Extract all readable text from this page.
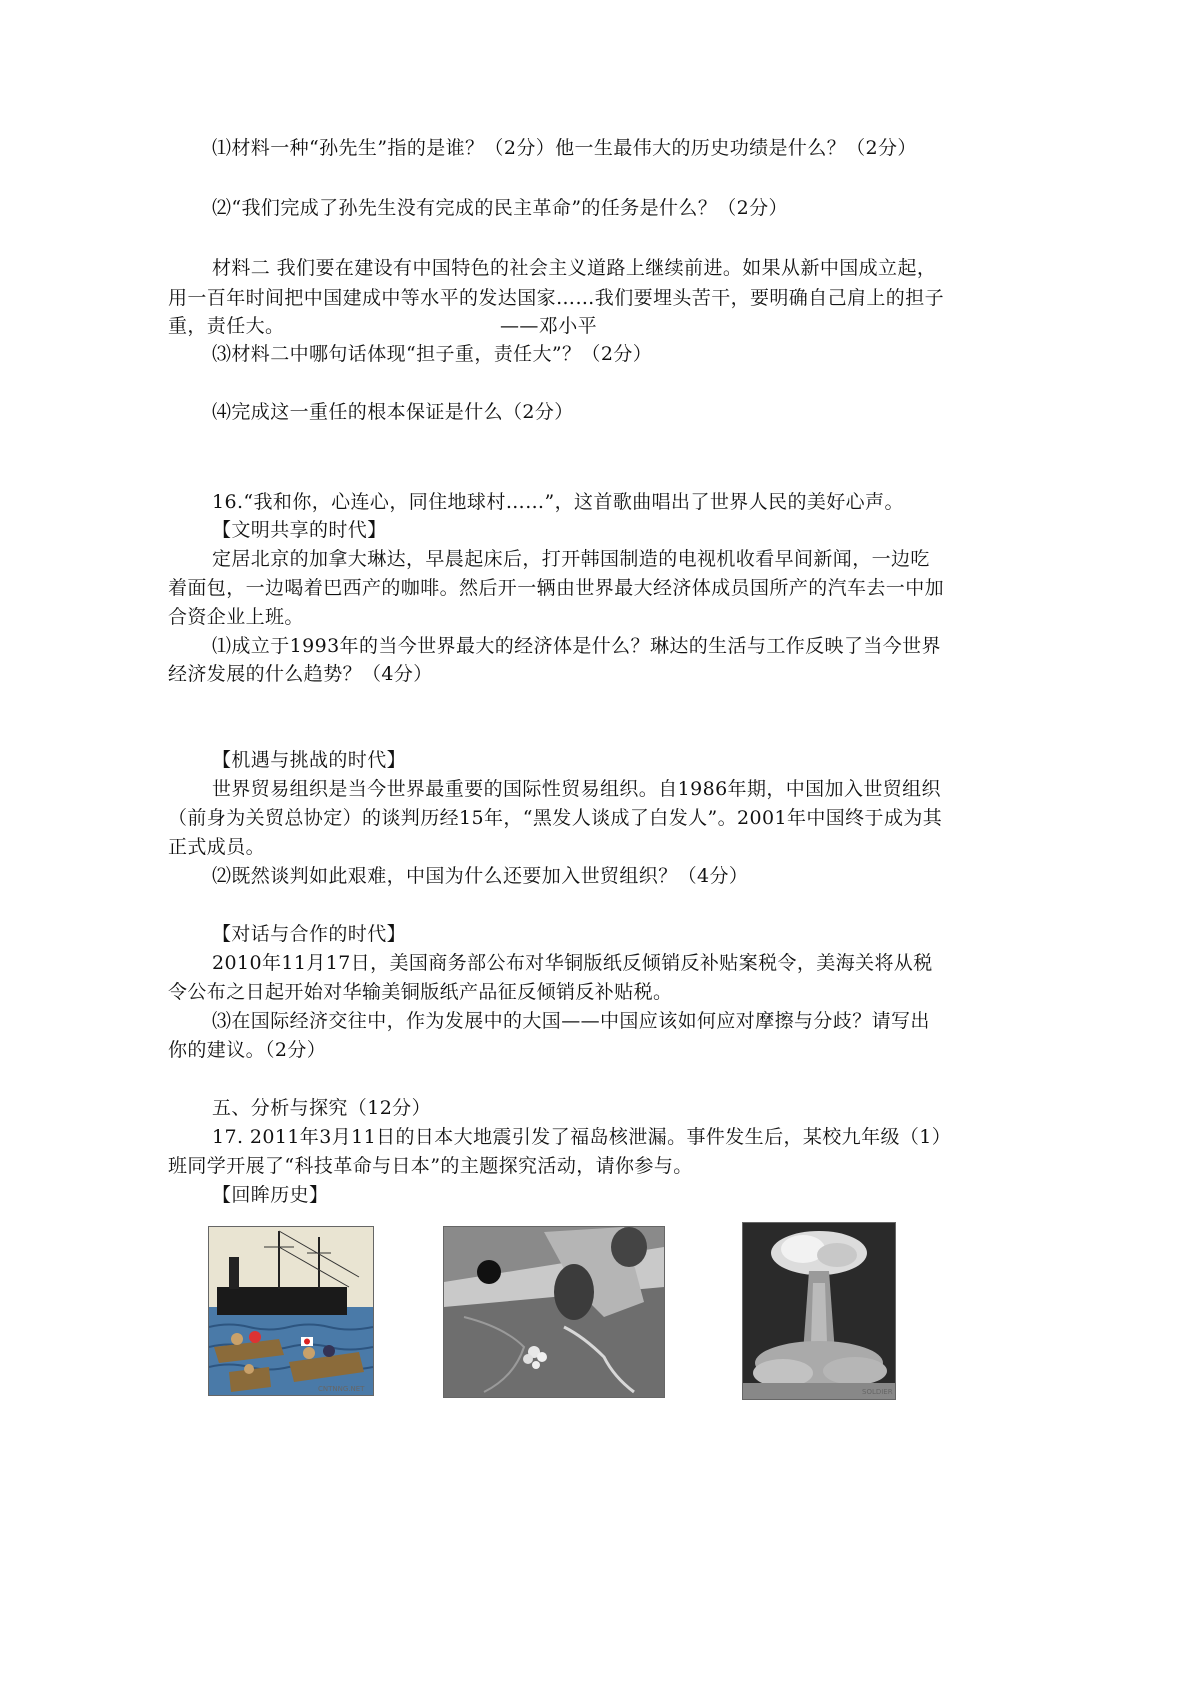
⑴材料一种“孙先生”指的是谁？（2分）他一生最伟大的历史功绩是什么？（2分）
⑵“我们完成了孙先生没有完成的民主革命”的任务是什么？（2分）
材料二 我们要在建设有中国特色的社会主义道路上继续前进。如果从新中国成立起，
用一百年时间把中国建成中等水平的发达国家……我们要埋头苦干，要明确自己肩上的担子
重，责任大。	——邓小平
⑶材料二中哪句话体现“担子重，责任大”？（2分）
⑷完成这一重任的根本保证是什么（2分）
16.“我和你，心连心，同住地球村……”，这首歌曲唱出了世界人民的美好心声。
【文明共享的时代】
定居北京的加拿大琳达，早晨起床后，打开韩国制造的电视机收看早间新闻，一边吃
着面包，一边喝着巴西产的咖啡。然后开一辆由世界最大经济体成员国所产的汽车去一中加
合资企业上班。
⑴成立于1993年的当今世界最大的经济体是什么？琳达的生活与工作反映了当今世界
经济发展的什么趋势？（4分）
【机遇与挑战的时代】
世界贸易组织是当今世界最重要的国际性贸易组织。自1986年期，中国加入世贸组织
（前身为关贸总协定）的谈判历经15年，“黑发人谈成了白发人”。2001年中国终于成为其
正式成员。
⑵既然谈判如此艰难，中国为什么还要加入世贸组织？（4分）
【对话与合作的时代】
2010年11月17日，美国商务部公布对华铜版纸反倾销反补贴案税令，美海关将从税
令公布之日起开始对华输美铜版纸产品征反倾销反补贴税。
⑶在国际经济交往中，作为发展中的大国——中国应该如何应对摩擦与分歧？请写出
你的建议。（2分）
五、分析与探究（12分）
17. 2011年3月11日的日本大地震引发了福岛核泄漏。事件发生后，某校九年级（1）
班同学开展了“科技革命与日本”的主题探究活动，请你参与。
【回眸历史】
CNTNNG.NET	SOLDIER
